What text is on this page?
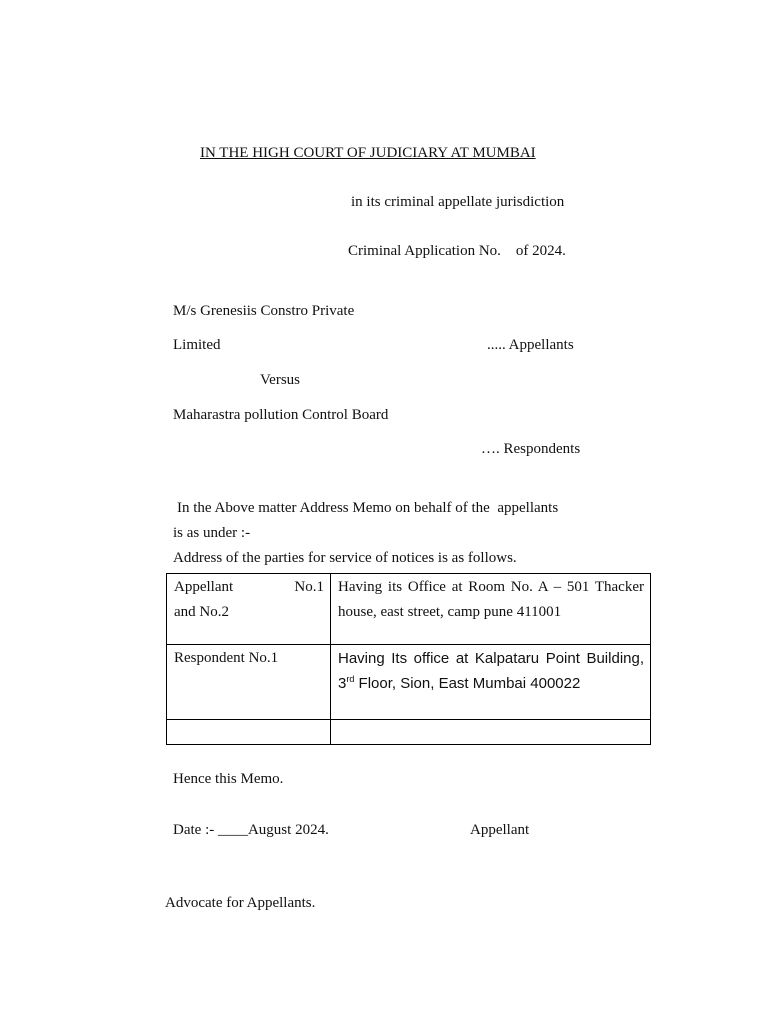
IN THE HIGH COURT OF JUDICIARY AT MUMBAI
in its criminal appellate jurisdiction
Criminal Application No.    of 2024.
M/s Grenesiis Constro Private
Limited	..... Appellants
Versus
Maharastra pollution Control Board
…. Respondents
In the Above matter Address Memo on behalf of the  appellants
is as under :-
Address of the parties for service of notices is as follows.
Appellant No.1
and No.2	Having its Office at Room No. A – 501 Thacker house, east street, camp pune 411001
Respondent No.1	Having Its office at Kalpataru Point Building, 3rd Floor, Sion, East Mumbai 400022

Hence this Memo.
Date :- ____August 2024.	Appellant
Advocate for Appellants.
